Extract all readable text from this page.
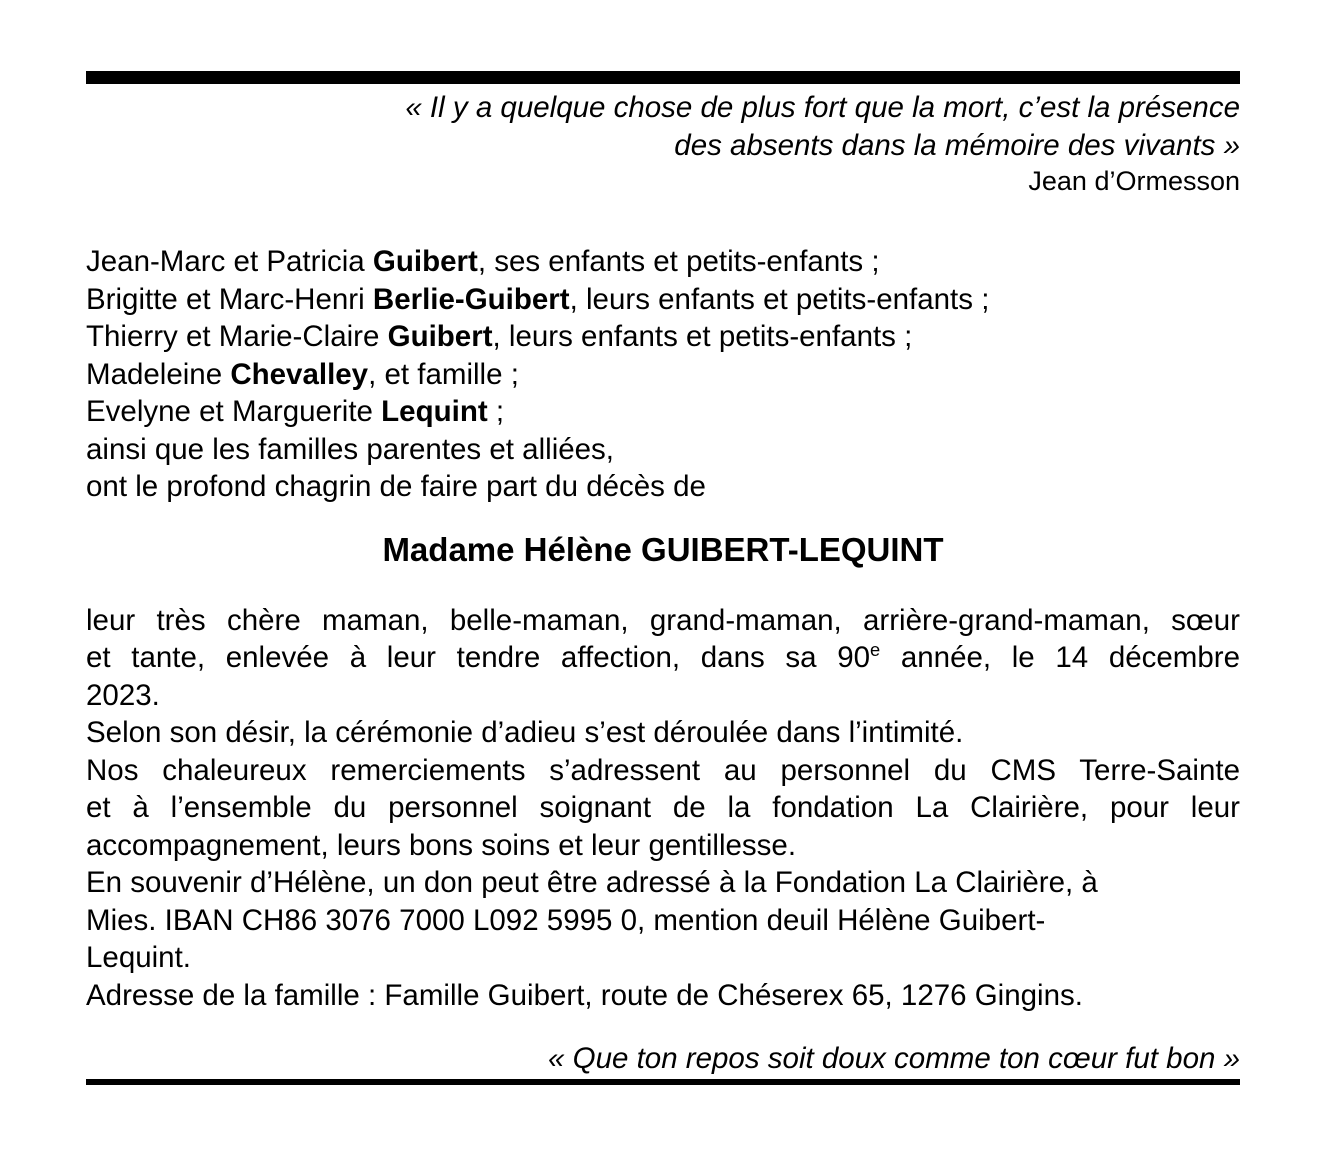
« Il y a quelque chose de plus fort que la mort, c’est la présence
des absents dans la mémoire des vivants »
Jean d’Ormesson
Jean-Marc et Patricia Guibert, ses enfants et petits-enfants ;
Brigitte et Marc-Henri Berlie-Guibert, leurs enfants et petits-enfants ;
Thierry et Marie-Claire Guibert, leurs enfants et petits-enfants ;
Madeleine Chevalley, et famille ;
Evelyne et Marguerite Lequint ;
ainsi que les familles parentes et alliées,
ont le profond chagrin de faire part du décès de
Madame Hélène GUIBERT-LEQUINT
leur très chère maman, belle-maman, grand-maman, arrière-grand-maman, sœur
et tante, enlevée à leur tendre affection, dans sa 90e année, le 14 décembre
2023.
Selon son désir, la cérémonie d’adieu s’est déroulée dans l’intimité.
Nos chaleureux remerciements s’adressent au personnel du CMS Terre-Sainte
et à l’ensemble du personnel soignant de la fondation La Clairière, pour leur
accompagnement, leurs bons soins et leur gentillesse.
En souvenir d’Hélène, un don peut être adressé à la Fondation La Clairière, à
Mies. IBAN CH86 3076 7000 L092 5995 0, mention deuil Hélène Guibert-
Lequint.
Adresse de la famille : Famille Guibert, route de Chéserex 65, 1276 Gingins.
« Que ton repos soit doux comme ton cœur fut bon »
